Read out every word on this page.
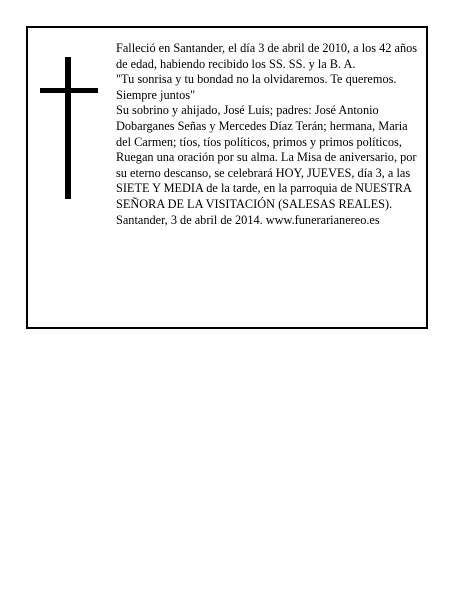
Falleció en Santander, el día 3 de abril de 2010, a los 42 años de edad, habiendo recibido los SS. SS. y la B. A.

"Tu sonrisa y tu bondad no la olvidaremos. Te queremos. Siempre juntos"

Su sobrino y ahijado, José Luis; padres: José Antonio Dobarganes Señas y Mercedes Díaz Terán; hermana, Maria del Carmen; tíos, tíos políticos, primos y primos políticos,

Ruegan una oración por su alma. La Misa de aniversario, por su eterno descanso, se celebrará HOY, JUEVES, día 3, a las SIETE Y MEDIA de la tarde, en la parroquia de NUESTRA SEÑORA DE LA VISITACIÓN (SALESAS REALES).

Santander, 3 de abril de 2014. www.funerarianereo.es
